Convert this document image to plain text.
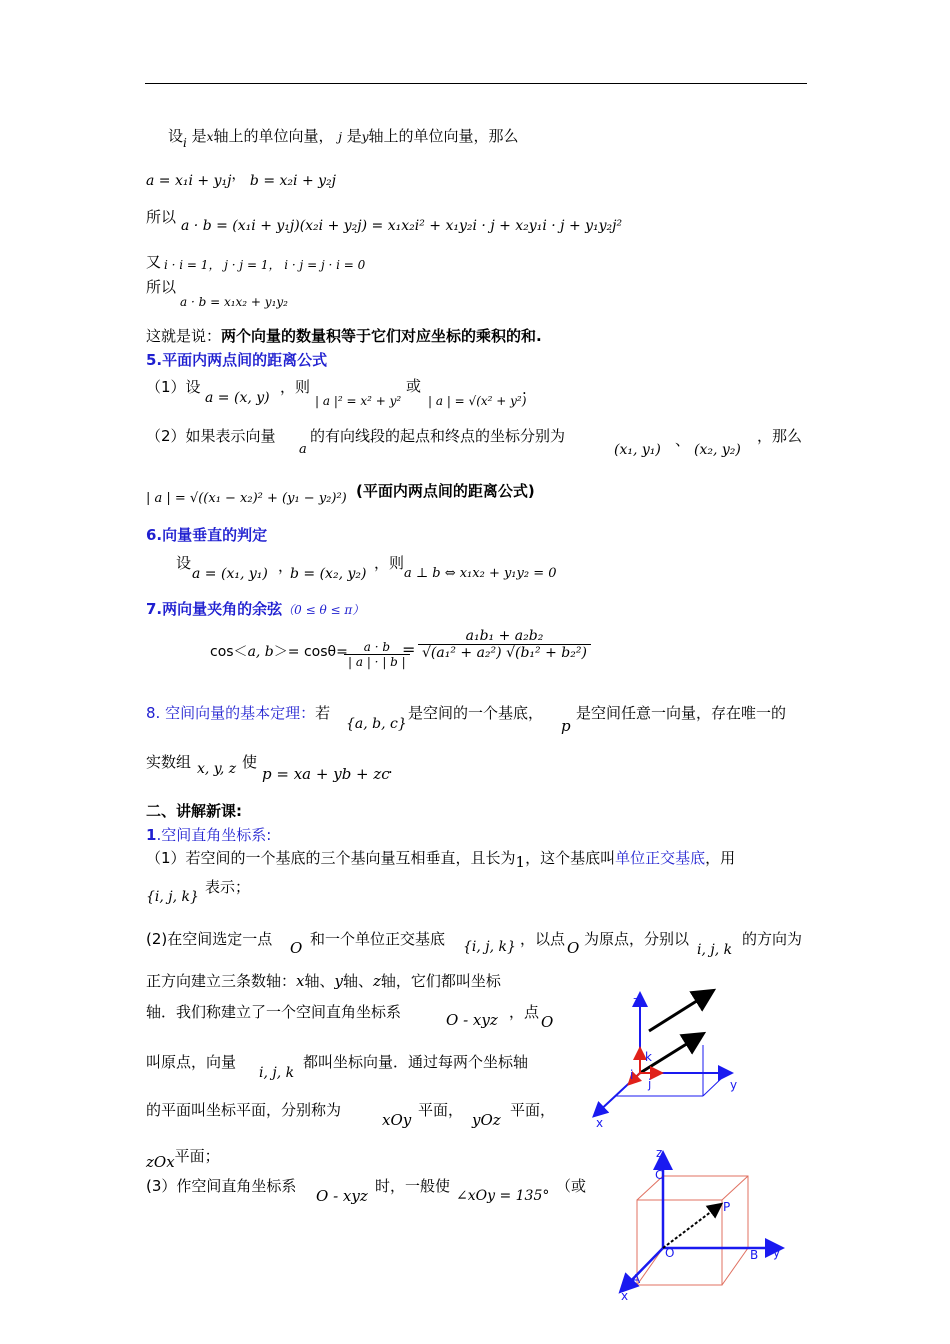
设$_i$ 是x轴上的单位向量， j 是y轴上的单位向量，那么
a = x₁i + y₁j， b = x₂i + y₂j
所以 a · b = (x₁i + y₁j)(x₂i + y₂j) = x₁x₂i² + x₁y₂i · j + x₂y₁i · j + y₁y₂j²
又 i · i = 1， j · j = 1， i · j = j · i = 0
所以
a · b = x₁x₂ + y₁y₂
这就是说：两个向量的数量积等于它们对应坐标的乘积的和.
5.平面内两点间的距离公式
（1）设
a = (x, y)
，则
| a |² = x² + y²
或
| a | = √(x² + y²)
.
（2）如果表示向量
a
的有向线段的起点和终点的坐标分别为
(x₁, y₁)
、
(x₂, y₂)
，那么
| a | = √((x₁ − x₂)² + (y₁ − y₂)²) (平面内两点间的距离公式)
6.向量垂直的判定
设
a = (x₁, y₁) ，
b = (x₂, y₂)
，则
a ⊥ b ⇔ x₁x₂ + y₁y₂ = 0
7.两向量夹角的余弦（0 ≤ θ ≤ π）
cos＜a, b＞= cosθ=
$\frac{a \cdot b}{| a | \cdot | b |}$
= $\frac{\text{a₁b₁ + a₂b₂}}{\text{√(a₁² + a₂²) √(b₁² + b₂²)}}$
8. 空间向量的基本定理：若
{a, b, c}
是空间的一个基底，
p
是空间任意一向量，存在唯一的
实数组 x, y, z 使
p = xa + yb + zc
.
二、讲解新课:
1.空间直角坐标系:
（1）若空间的一个基底的三个基向量互相垂直，且长为1，这个基底叫单位正交基底，用
{i, j, k}
表示；
(2)在空间选定一点 O 和一个单位正交基底 {i, j, k} ，以点 O 为原点，分别以
i, j, k
的方向为
正方向建立三条数轴：x轴、y轴、z轴，它们都叫坐标
轴．我们称建立了一个空间直角坐标系	O - xyz ，点
O
叫原点，向量
i, j, k
都叫坐标向量．通过每两个坐标轴
的平面叫坐标平面，分别称为
xOy
平面，
yOz
平面，
zOx平面；
(3）作空间直角坐标系
O - xyz
时，一般使
∠xOy = 135°
（或
z
y
x
i
j
k
z
y
x
C
P
O	B
A
